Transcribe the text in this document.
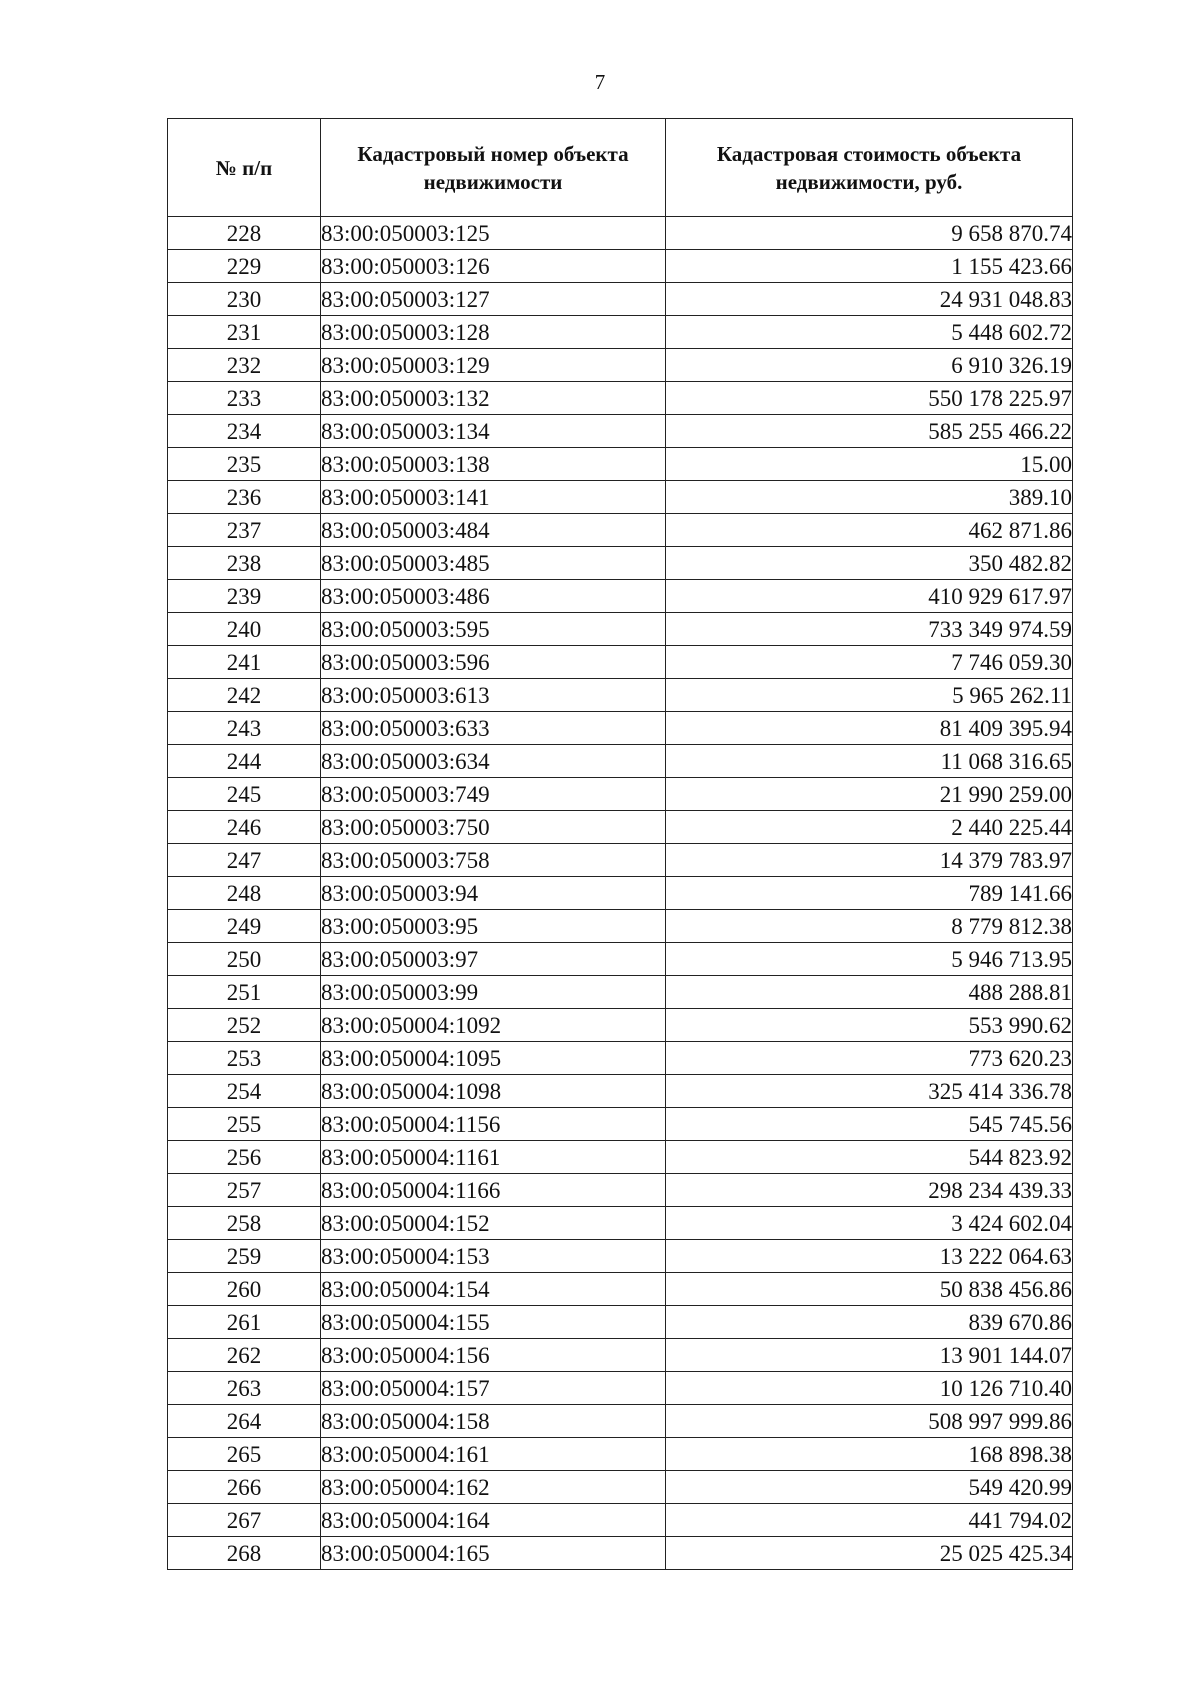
7
№ п/п	Кадастровый номер объекта недвижимости	Кадастровая стоимость объекта недвижимости, руб.
228	83:00:050003:125	9 658 870.74
229	83:00:050003:126	1 155 423.66
230	83:00:050003:127	24 931 048.83
231	83:00:050003:128	5 448 602.72
232	83:00:050003:129	6 910 326.19
233	83:00:050003:132	550 178 225.97
234	83:00:050003:134	585 255 466.22
235	83:00:050003:138	15.00
236	83:00:050003:141	389.10
237	83:00:050003:484	462 871.86
238	83:00:050003:485	350 482.82
239	83:00:050003:486	410 929 617.97
240	83:00:050003:595	733 349 974.59
241	83:00:050003:596	7 746 059.30
242	83:00:050003:613	5 965 262.11
243	83:00:050003:633	81 409 395.94
244	83:00:050003:634	11 068 316.65
245	83:00:050003:749	21 990 259.00
246	83:00:050003:750	2 440 225.44
247	83:00:050003:758	14 379 783.97
248	83:00:050003:94	789 141.66
249	83:00:050003:95	8 779 812.38
250	83:00:050003:97	5 946 713.95
251	83:00:050003:99	488 288.81
252	83:00:050004:1092	553 990.62
253	83:00:050004:1095	773 620.23
254	83:00:050004:1098	325 414 336.78
255	83:00:050004:1156	545 745.56
256	83:00:050004:1161	544 823.92
257	83:00:050004:1166	298 234 439.33
258	83:00:050004:152	3 424 602.04
259	83:00:050004:153	13 222 064.63
260	83:00:050004:154	50 838 456.86
261	83:00:050004:155	839 670.86
262	83:00:050004:156	13 901 144.07
263	83:00:050004:157	10 126 710.40
264	83:00:050004:158	508 997 999.86
265	83:00:050004:161	168 898.38
266	83:00:050004:162	549 420.99
267	83:00:050004:164	441 794.02
268	83:00:050004:165	25 025 425.34
